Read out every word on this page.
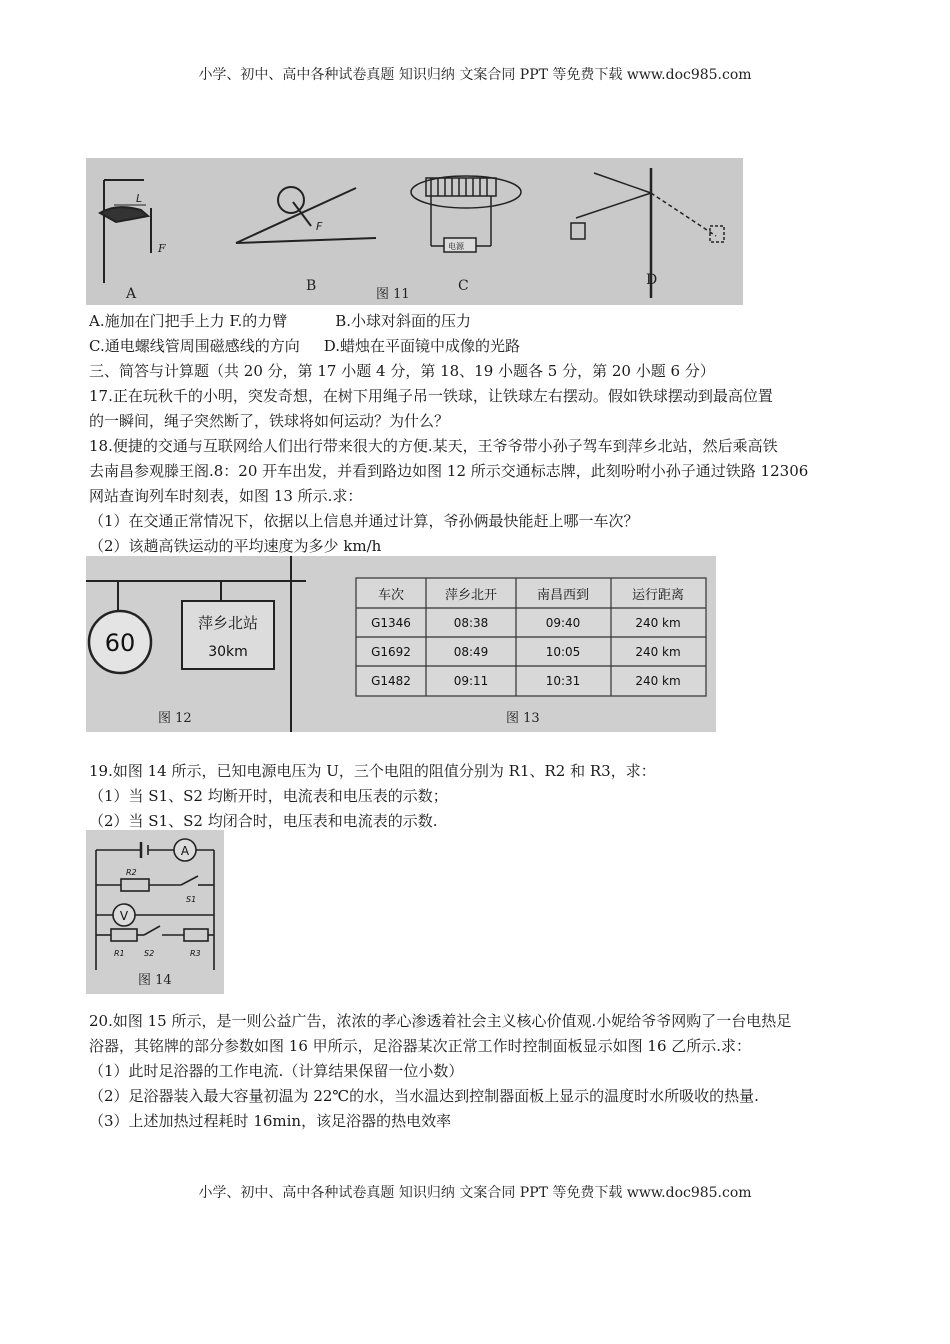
小学、初中、高中各种试卷真题 知识归纳 文案合同 PPT 等免费下载 www.doc985.com
L
F
A
F
B
电源
C
图 11
D
A.施加在门把手上力 F.的力臂	B.小球对斜面的压力
C.通电螺线管周围磁感线的方向 D.蜡烛在平面镜中成像的光路
三、简答与计算题（共 20 分，第 17 小题 4 分，第 18、19 小题各 5 分，第 20 小题 6 分）
17.正在玩秋千的小明，突发奇想，在树下用绳子吊一铁球，让铁球左右摆动。假如铁球摆动到最高位置
的一瞬间，绳子突然断了，铁球将如何运动？为什么？
18.便捷的交通与互联网给人们出行带来很大的方便.某天，王爷爷带小孙子驾车到萍乡北站，然后乘高铁
去南昌参观滕王阁.8：20 开车出发，并看到路边如图 12 所示交通标志牌，此刻吩咐小孙子通过铁路 12306
网站查询列车时刻表，如图 13 所示.求：
（1）在交通正常情况下，依据以上信息并通过计算，爷孙俩最快能赶上哪一车次？
（2）该趟高铁运动的平均速度为多少 km/h
60
萍乡北站
30km
图 12
车次	萍乡北开	南昌西到	运行距离
G1346	08:38	09:40	240 km
G1692	08:49	10:05	240 km
G1482	09:11	10:31	240 km
图 13
19.如图 14 所示，已知电源电压为 U，三个电阻的阻值分别为 R1、R2 和 R3，求：
（1）当 S1、S2 均断开时，电流表和电压表的示数；
（2）当 S1、S2 均闭合时，电压表和电流表的示数.
A
V
R2
S1
R1 S2	R3
图 14
20.如图 15 所示，是一则公益广告，浓浓的孝心渗透着社会主义核心价值观.小妮给爷爷网购了一台电热足
浴器，其铭牌的部分参数如图 16 甲所示，足浴器某次正常工作时控制面板显示如图 16 乙所示.求：
（1）此时足浴器的工作电流.（计算结果保留一位小数）
（2）足浴器装入最大容量初温为 22℃的水，当水温达到控制器面板上显示的温度时水所吸收的热量.
（3）上述加热过程耗时 16min，该足浴器的热电效率
小学、初中、高中各种试卷真题 知识归纳 文案合同 PPT 等免费下载 www.doc985.com
